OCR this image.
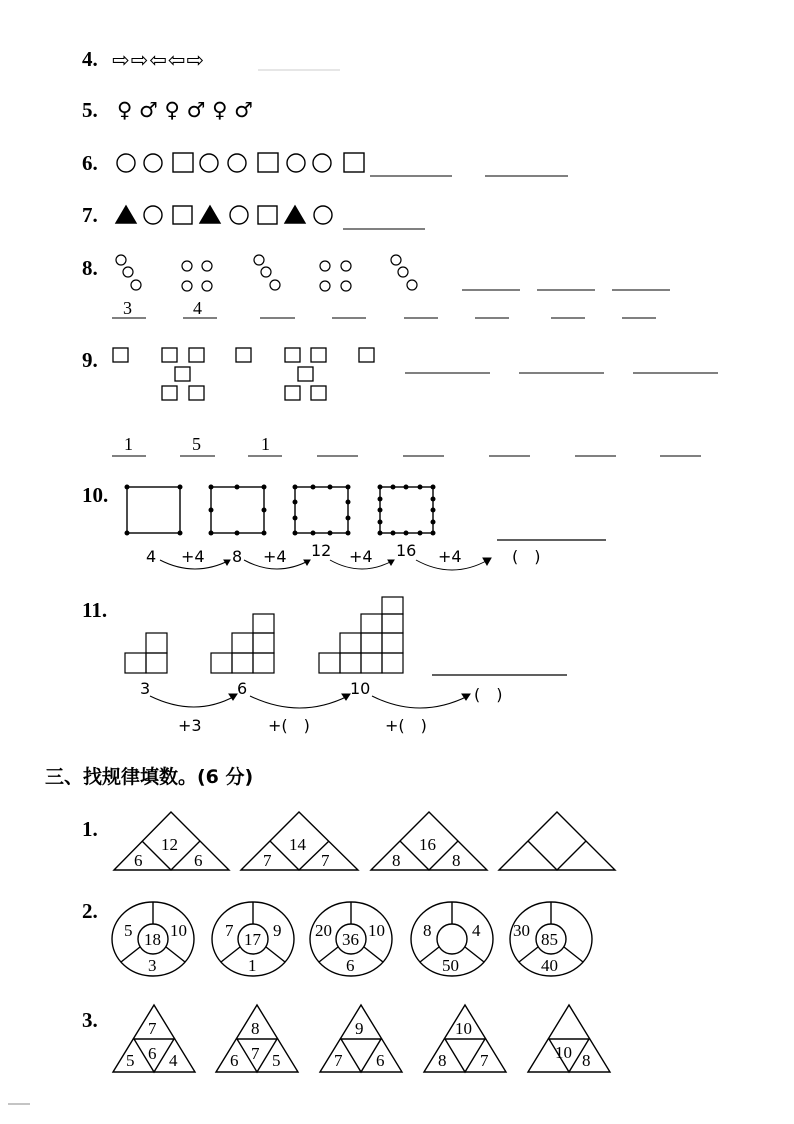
4. ⇨⇨⇦⇦⇨
5. ♀ ♂ ♀ ♂ ♀ ♂
6.
7.
8.
3	4
9.
1	5	1
10.
4 +4 8 +4 12 +4 16 +4	(　)
11.
3	6	10	(　)
+3	+(　)	+(　)
三、找规律填数。(6 分)
1.
12
6	6
14
7	7
16
8	8
2.
5 10
18
3
7 9
17
1
20 10
36
6
8 4
50
30 85
40
3.	7
5 6 4
8
6 7 5
9
7 6
10
8 7	10 8
